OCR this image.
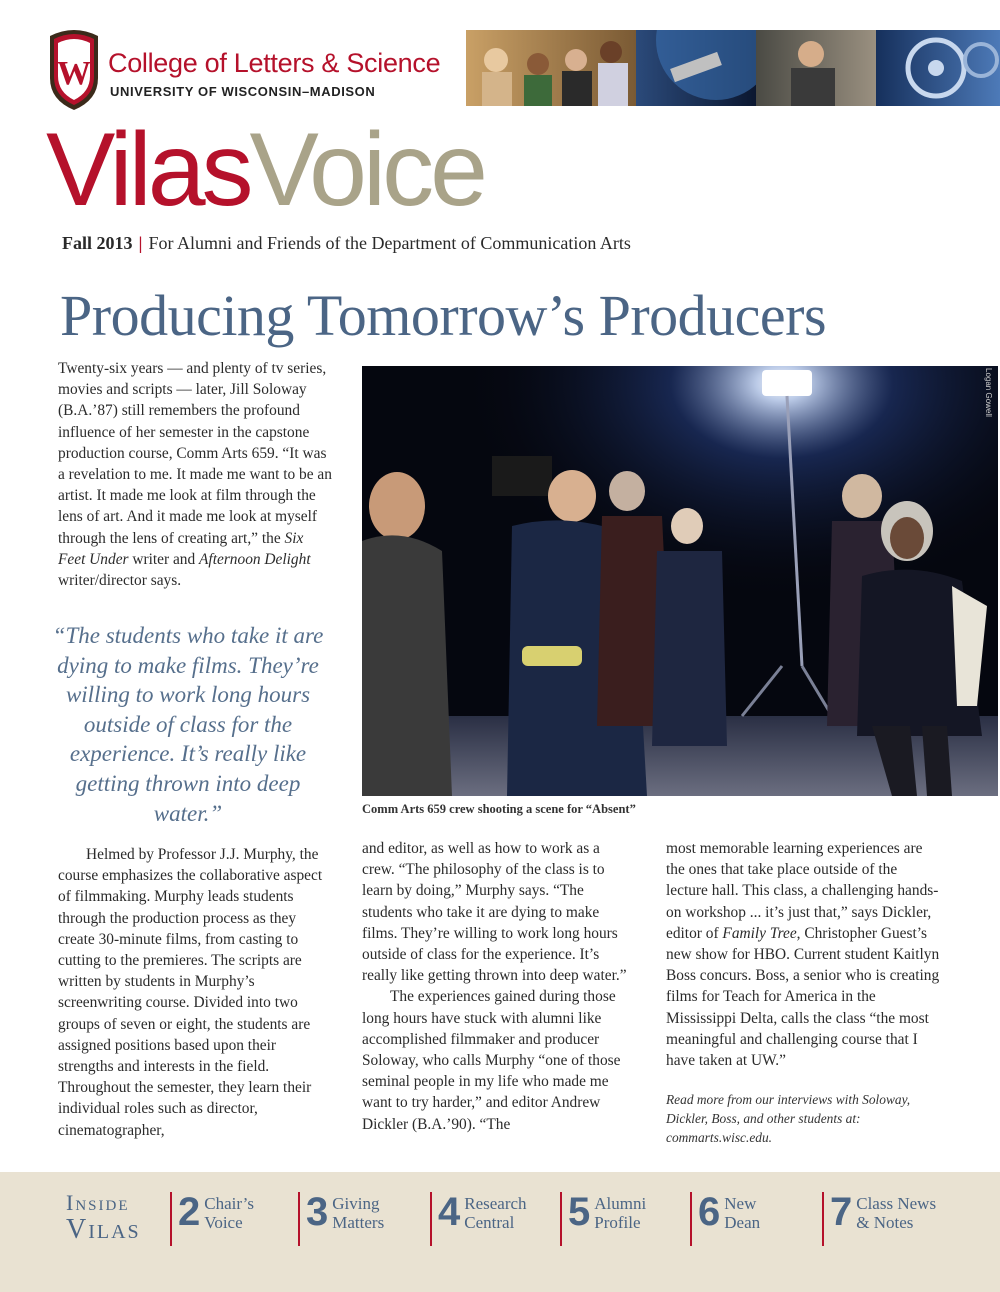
W College of Letters & Science
UNIVERSITY OF WISCONSIN–MADISON
VilasVoice
Fall 2013 | For Alumni and Friends of the Department of Communication Arts
Producing Tomorrow’s Producers

Twenty-six years — and plenty of tv series, movies and scripts — later, Jill Soloway (B.A.’87) still remembers the profound influence of her semester in the capstone production course, Comm Arts 659. “It was a revelation to me. It made me want to be an artist. It made me look at film through the lens of art. And it made me look at myself through the lens of creating art,” the Six Feet Under writer and Afternoon Delight writer/director says.

“The students who take it are dying to make films. They’re willing to work long hours outside of class for the experience. It’s really like getting thrown into deep water.”
Logan Gowell
Comm Arts 659 crew shooting a scene for “Absent”

Helmed by Professor J.J. Murphy, the course emphasizes the collaborative aspect of filmmaking. Murphy leads students through the production process as they create 30-minute films, from casting to cutting to the premieres. The scripts are written by students in Murphy’s screenwriting course. Divided into two groups of seven or eight, the students are assigned positions based upon their strengths and interests in the field. Throughout the semester, they learn their individual roles such as director, cinematographer,

and editor, as well as how to work as a crew. “The philosophy of the class is to learn by doing,” Murphy says. “The students who take it are dying to make films. They’re willing to work long hours outside of class for the experience. It’s really like getting thrown into deep water.”

The experiences gained during those long hours have stuck with alumni like accomplished filmmaker and producer Soloway, who calls Murphy “one of those seminal people in my life who made me want to try harder,” and editor Andrew Dickler (B.A.’90). “The

most memorable learning experiences are the ones that take place outside of the lecture hall. This class, a challenging hands-on workshop ... it’s just that,” says Dickler, editor of Family Tree, Christopher Guest’s new show for HBO. Current student Kaitlyn Boss concurs. Boss, a senior who is creating films for Teach for America in the Mississippi Delta, calls the class “the most meaningful and challenging course that I have taken at UW.”

Read more from our interviews with Soloway, Dickler, Boss, and other students at: commarts.wisc.edu.
Inside
Vilas 2 Chair’s
Voice 3 Giving
Matters 4 Research
Central	5 Alumni
Profile 6 New
Dean 7 Class News
& Notes
